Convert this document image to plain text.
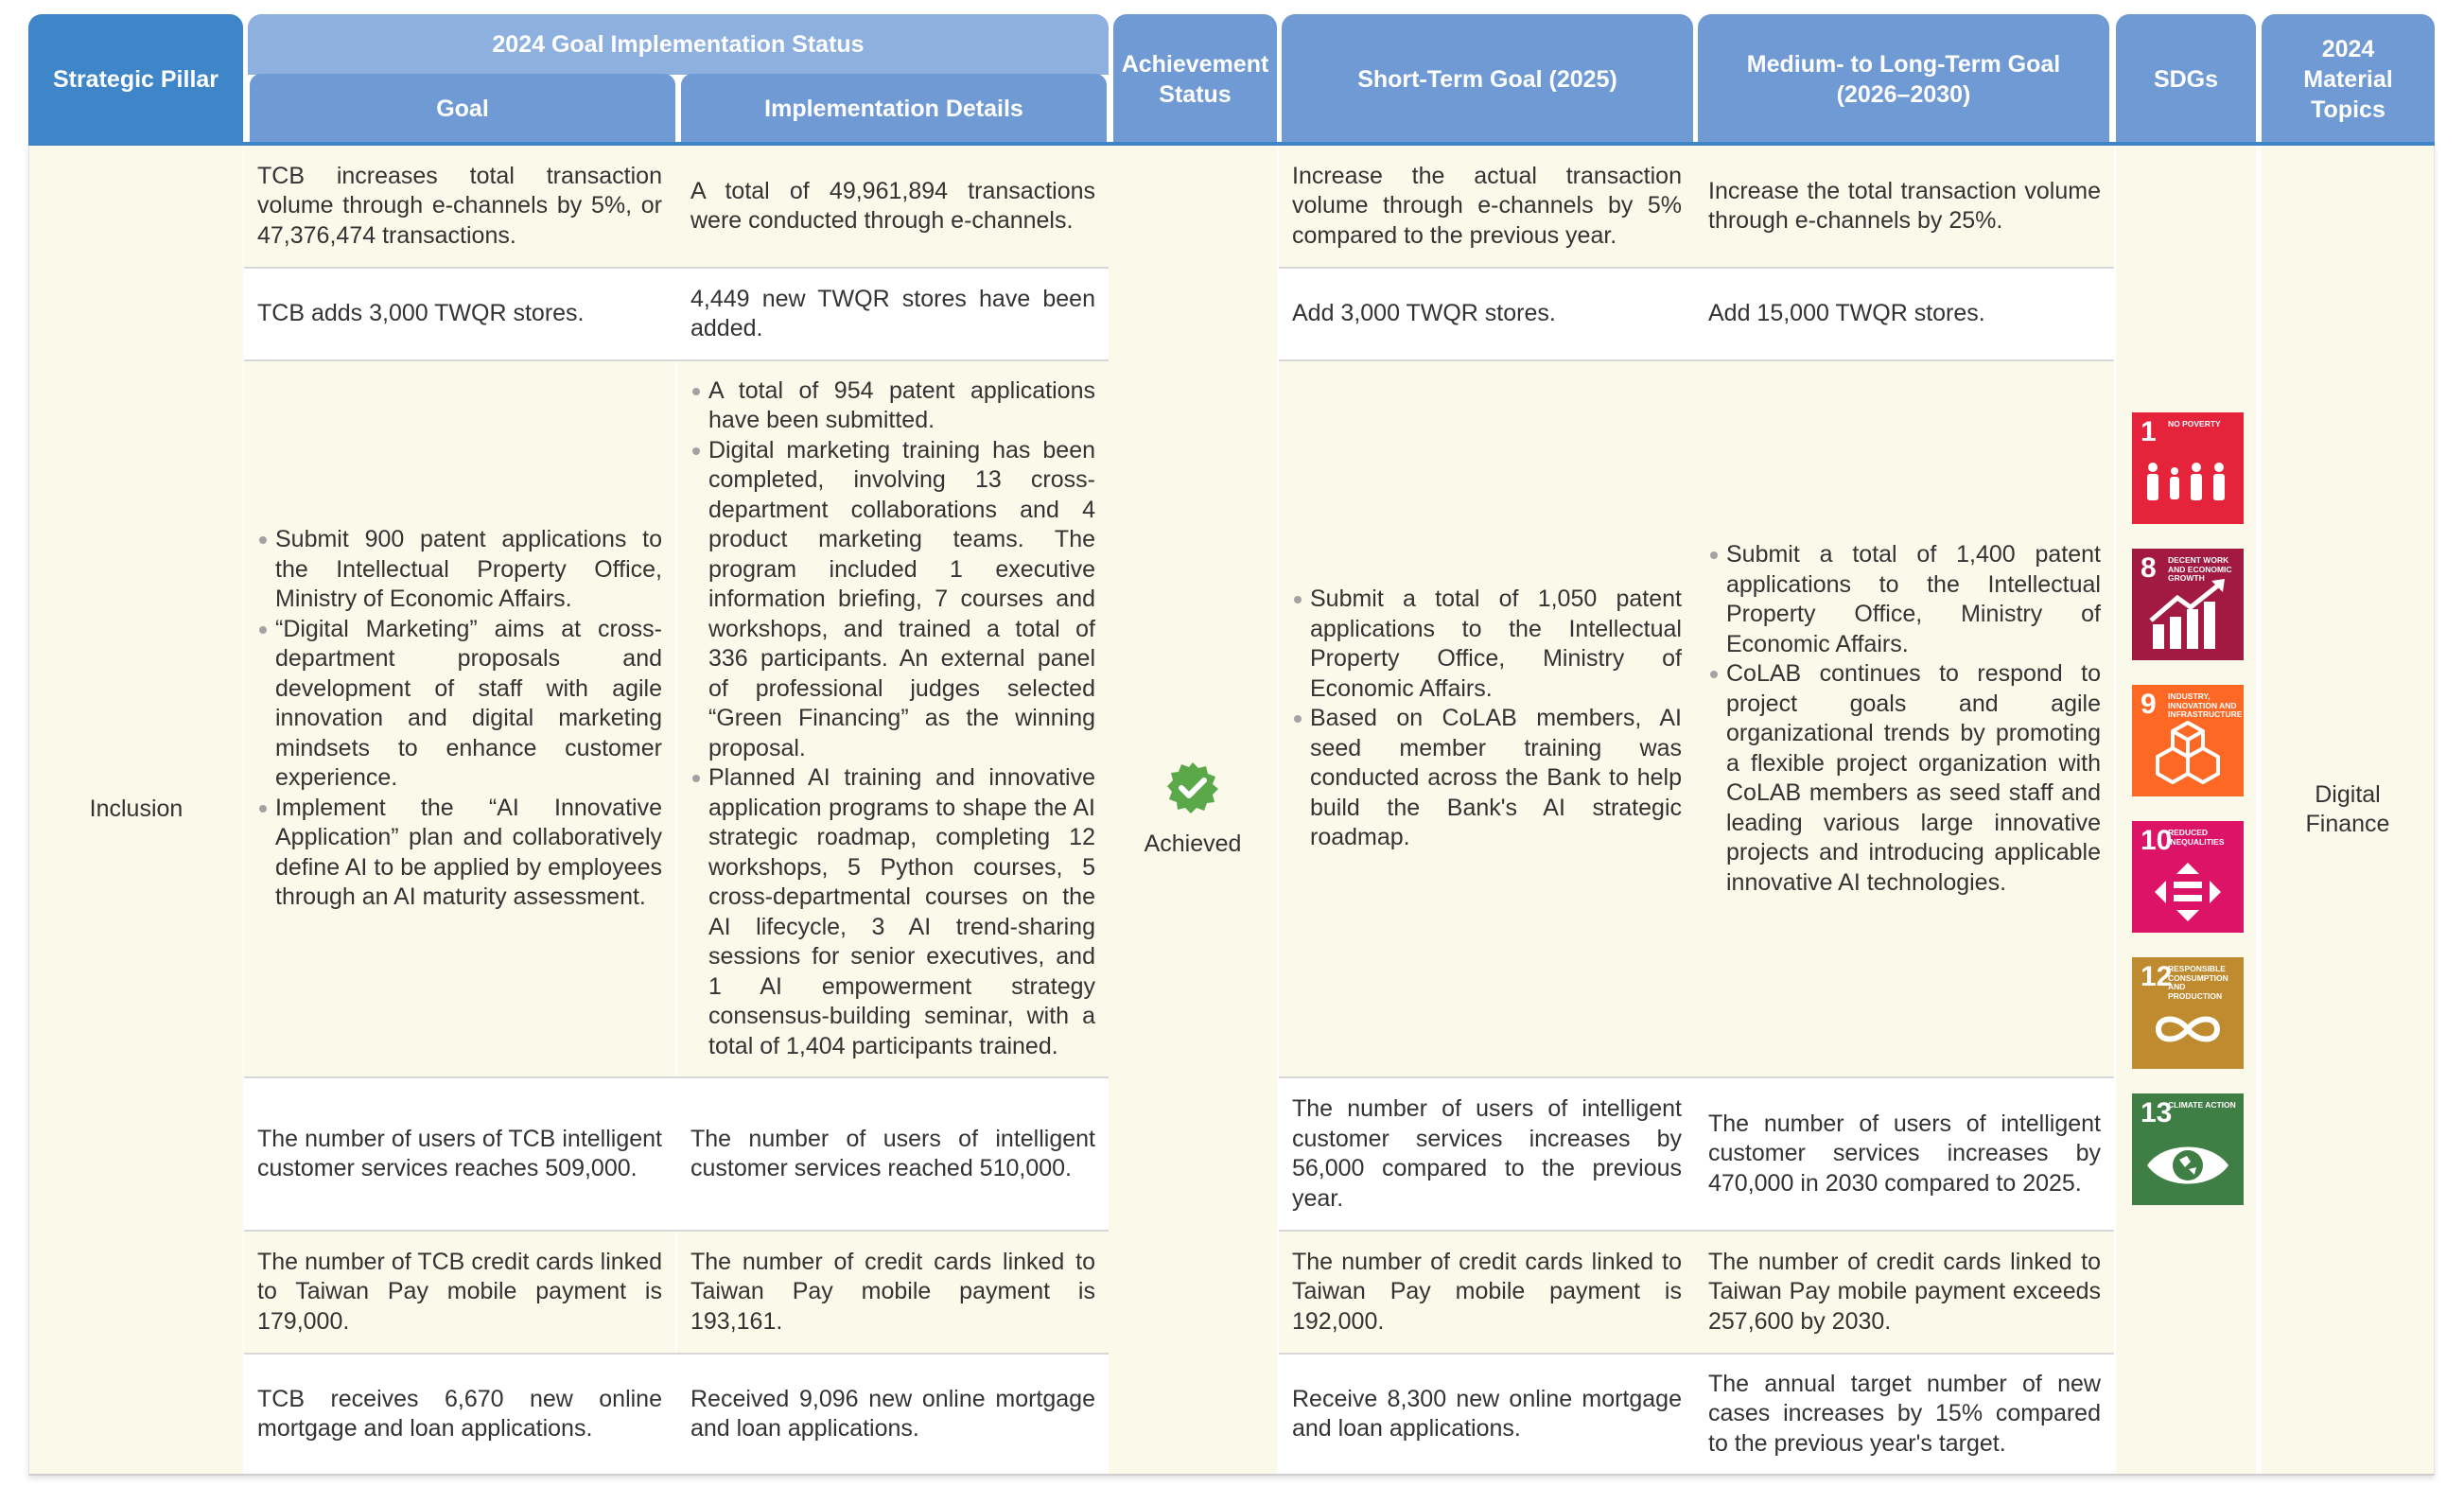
Strategic Pillar
2024 Goal Implementation Status
Goal	Implementation Details
Achievement Status
Short-Term Goal (2025)
Medium- to Long-Term Goal (2026–2030)
SDGs
2024 Material Topics
Inclusion
Achieved
Digital Finance
TCB increases total transaction volume through e-channels by 5%, or 47,376,474 transactions.
A total of 49,961,894 transactions were conducted through e-channels.
Increase the actual transaction volume through e-channels by 5% compared to the previous year.
Increase the total transaction volume through e-channels by 25%.
TCB adds 3,000 TWQR stores.
4,449 new TWQR stores have been added.
Add 3,000 TWQR stores.	Add 15,000 TWQR stores.
Submit 900 patent applications to the Intellectual Property Office, Ministry of Economic Affairs.
“Digital Marketing” aims at cross-department proposals and development of staff with agile innovation and digital marketing mindsets to enhance customer experience.
Implement the “AI Innovative Application” plan and collaboratively define AI to be applied by employees through an AI maturity assessment.
A total of 954 patent applications have been submitted.
Digital marketing training has been completed, involving 13 cross-department collaborations and 4 product marketing teams. The program included 1 executive information briefing, 7 courses and workshops, and trained a total of 336 participants. An external panel of professional judges selected “Green Financing” as the winning proposal.
Planned AI training and innovative application programs to shape the AI strategic roadmap, completing 12 workshops, 5 Python courses, 5 cross-departmental courses on the AI lifecycle, 3 AI trend-sharing sessions for senior executives, and 1 AI empowerment strategy consensus-building seminar, with a total of 1,404 participants trained.
Submit a total of 1,050 patent applications to the Intellectual Property Office, Ministry of Economic Affairs.
Based on CoLAB members, AI seed member training was conducted across the Bank to help build the Bank's AI strategic roadmap.
Submit a total of 1,400 patent applications to the Intellectual Property Office, Ministry of Economic Affairs.
CoLAB continues to respond to project goals and agile organizational trends by promoting a flexible project organization with CoLAB members as seed staff and leading various large innovative projects and introducing applicable innovative AI technologies.
The number of users of TCB intelligent customer services reaches 509,000.
The number of users of intelligent customer services reached 510,000.
The number of users of intelligent customer services increases by 56,000 compared to the previous year.
The number of users of intelligent customer services increases by 470,000 in 2030 compared to 2025.
The number of TCB credit cards linked to Taiwan Pay mobile payment is 179,000.
The number of credit cards linked to Taiwan Pay mobile payment is 193,161.
The number of credit cards linked to Taiwan Pay mobile payment is 192,000.
The number of credit cards linked to Taiwan Pay mobile payment exceeds 257,600 by 2030.
TCB receives 6,670 new online mortgage and loan applications.
Received 9,096 new online mortgage and loan applications.
Receive 8,300 new online mortgage and loan applications.
The annual target number of new cases increases by 15% compared to the previous year's target.
1 NO POVERTY
8 DECENT WORK AND ECONOMIC GROWTH
9 INDUSTRY, INNOVATION AND INFRASTRUCTURE
10
REDUCED INEQUALITIES
12
RESPONSIBLE CONSUMPTION AND PRODUCTION
13
CLIMATE ACTION
